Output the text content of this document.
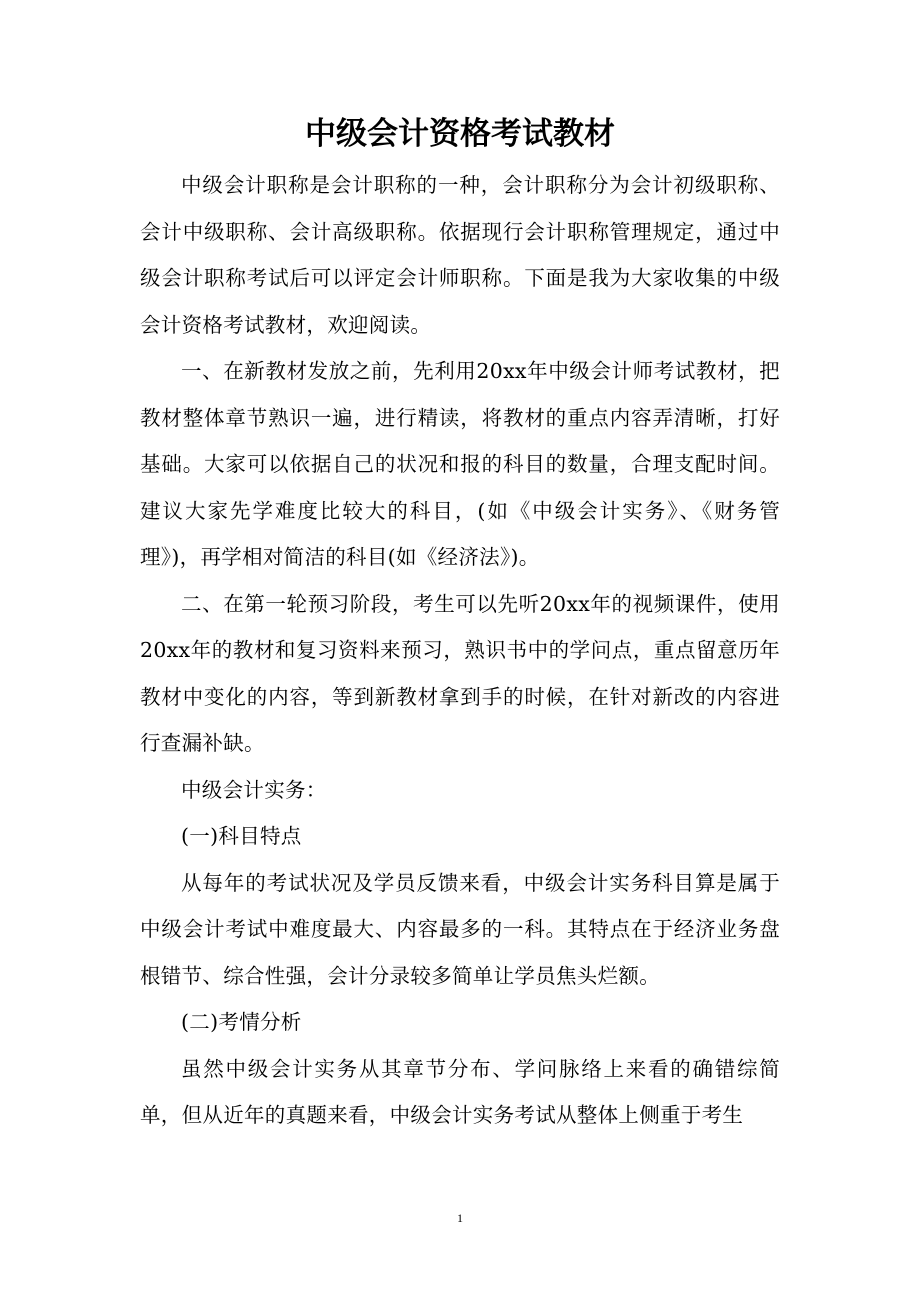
中级会计资格考试教材

中级会计职称是会计职称的一种，会计职称分为会计初级职称、会计中级职称、会计高级职称。依据现行会计职称管理规定，通过中级会计职称考试后可以评定会计师职称。下面是我为大家收集的中级会计资格考试教材，欢迎阅读。

一、在新教材发放之前，先利用20xx年中级会计师考试教材，把教材整体章节熟识一遍，进行精读，将教材的重点内容弄清晰，打好基础。大家可以依据自己的状况和报的科目的数量，合理支配时间。建议大家先学难度比较大的科目，(如《中级会计实务》、《财务管理》)，再学相对简洁的科目(如《经济法》)。

二、在第一轮预习阶段，考生可以先听20xx年的视频课件，使用20xx年的教材和复习资料来预习，熟识书中的学问点，重点留意历年教材中变化的内容，等到新教材拿到手的时候，在针对新改的内容进行查漏补缺。

中级会计实务：

(一)科目特点

从每年的考试状况及学员反馈来看，中级会计实务科目算是属于中级会计考试中难度最大、内容最多的一科。其特点在于经济业务盘根错节、综合性强，会计分录较多简单让学员焦头烂额。

(二)考情分析

虽然中级会计实务从其章节分布、学问脉络上来看的确错综简单，但从近年的真题来看，中级会计实务考试从整体上侧重于考生

1
